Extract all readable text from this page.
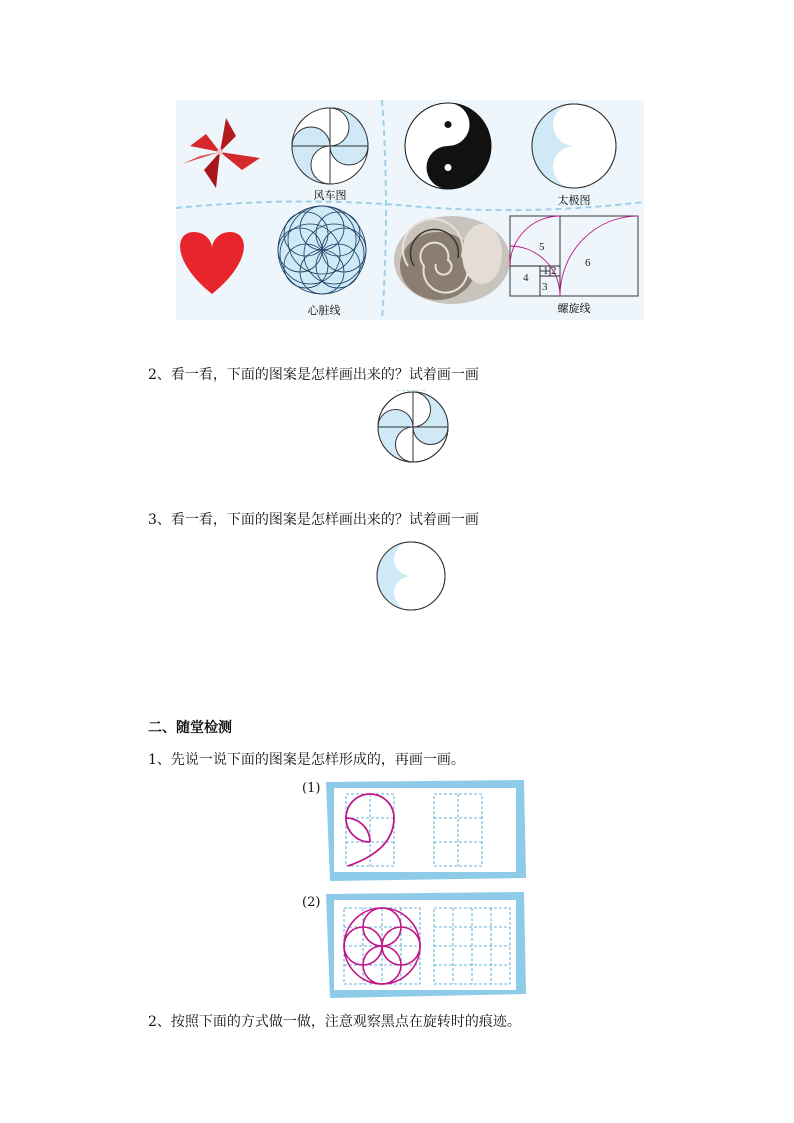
风车图	太极图
心脏线
5
6
4
1 2
3
螺旋线
2、看一看，下面的图案是怎样画出来的？试着画一画
3、看一看，下面的图案是怎样画出来的？试着画一画
二、随堂检测
1、先说一说下面的图案是怎样形成的，再画一画。
(1)
(2)
2、按照下面的方式做一做，注意观察黑点在旋转时的痕迹。
